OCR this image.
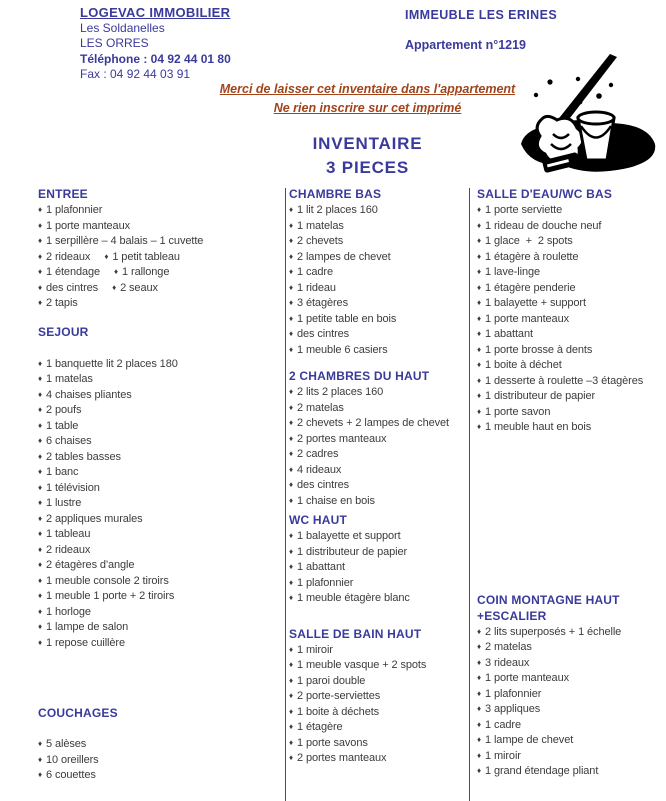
LOGEVAC IMMOBILIER
Les Soldanelles
LES ORRES
Téléphone : 04 92 44 01 80
Fax : 04 92 44 03 91
IMMEUBLE LES ERINES
Appartement n°1219
Merci de laisser cet inventaire dans l'appartement
Ne rien inscrire sur cet imprimé
INVENTAIRE
3 PIECES
ENTREE
♦ 1 plafonnier
♦ 1 porte manteaux
♦ 1 serpillère – 4 balais – 1 cuvette
♦ 2 rideaux ♦ 1 petit tableau
♦ 1 étendage ♦ 1 rallonge
♦ des cintres ♦ 2 seaux
♦ 2 tapis
SEJOUR
♦ 1 banquette lit 2 places 180
♦ 1 matelas
♦ 4 chaises pliantes
♦ 2 poufs
♦ 1 table
♦ 6 chaises
♦ 2 tables basses
♦ 1 banc
♦ 1 télévision
♦ 1 lustre
♦ 2 appliques murales
♦ 1 tableau
♦ 2 rideaux
♦ 2 étagères d'angle
♦ 1 meuble console 2 tiroirs
♦ 1 meuble 1 porte + 2 tiroirs
♦ 1 horloge
♦ 1 lampe de salon
♦ 1 repose cuillère
COUCHAGES
♦ 5 alèses
♦ 10 oreillers
♦ 6 couettes
CHAMBRE BAS
♦ 1 lit 2 places 160
♦ 1 matelas
♦ 2 chevets
♦ 2 lampes de chevet
♦ 1 cadre
♦ 1 rideau
♦ 3 étagères
♦ 1 petite table en bois
♦ des cintres
♦ 1 meuble 6 casiers
2 CHAMBRES DU HAUT
♦ 2 lits 2 places 160
♦ 2 matelas
♦ 2 chevets + 2 lampes de chevet
♦ 2 portes manteaux
♦ 2 cadres
♦ 4 rideaux
♦ des cintres
♦ 1 chaise en bois
WC HAUT
♦ 1 balayette et support
♦ 1 distributeur de papier
♦ 1 abattant
♦ 1 plafonnier
♦ 1 meuble étagère blanc
SALLE DE BAIN HAUT
♦ 1 miroir
♦ 1 meuble vasque + 2 spots
♦ 1 paroi double
♦ 2 porte-serviettes
♦ 1 boite à déchets
♦ 1 étagère
♦ 1 porte savons
♦ 2 portes manteaux
SALLE D'EAU/WC BAS
♦ 1 porte serviette
♦ 1 rideau de douche neuf
♦ 1 glace  +  2 spots
♦ 1 étagère à roulette
♦ 1 lave-linge
♦ 1 étagère penderie
♦ 1 balayette + support
♦ 1 porte manteaux
♦ 1 abattant
♦ 1 porte brosse à dents
♦ 1 boite à déchet
♦ 1 desserte à roulette –3 étagères
♦ 1 distributeur de papier
♦ 1 porte savon
♦ 1 meuble haut en bois
COIN MONTAGNE HAUT
+ESCALIER
♦ 2 lits superposés + 1 échelle
♦ 2 matelas
♦ 3 rideaux
♦ 1 porte manteaux
♦ 1 plafonnier
♦ 3 appliques
♦ 1 cadre
♦ 1 lampe de chevet
♦ 1 miroir
♦ 1 grand étendage pliant
